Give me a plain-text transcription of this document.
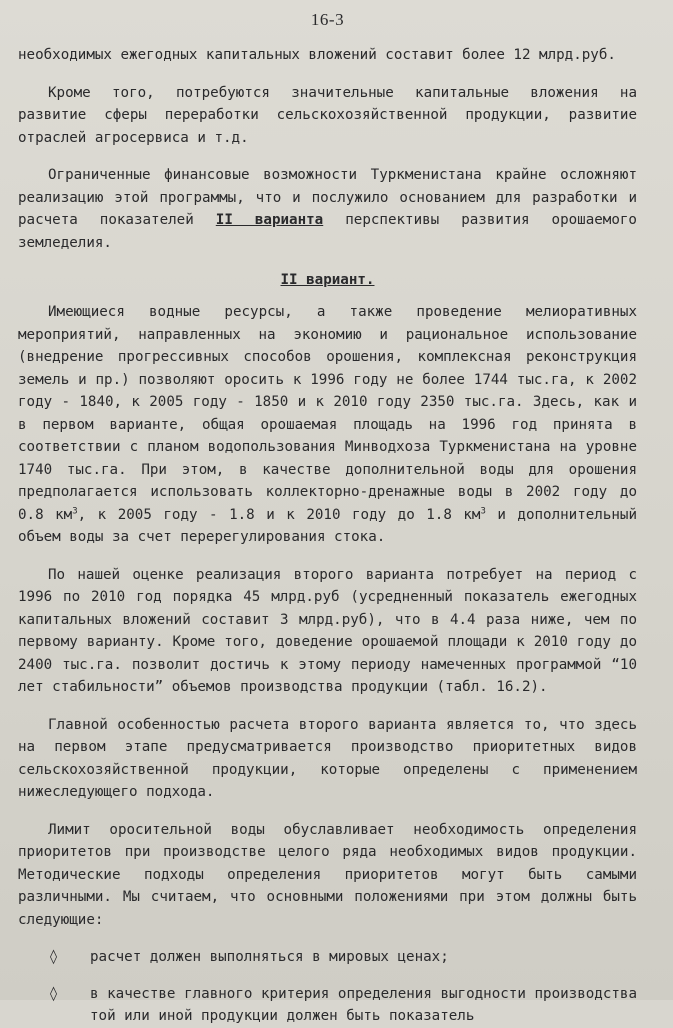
16-3

необходимых ежегодных капитальных вложений составит более 12 млрд.руб.

Кроме того, потребуются значительные капитальные вложения на развитие сферы переработки сельскохозяйственной продукции, развитие отраслей агросервиса и т.д.

Ограниченные финансовые возможности Туркменистана крайне осложняют реализацию этой программы, что и послужило основанием для разработки и расчета показателей II варианта перспективы развития орошаемого земледелия.

II вариант.

Имеющиеся водные ресурсы, а также проведение мелиоративных мероприятий, направленных на экономию и рациональное использование (внедрение прогрессивных способов орошения, комплексная реконструкция земель и пр.) позволяют оросить к 1996 году не более 1744 тыс.га, к 2002 году - 1840, к 2005 году - 1850 и к 2010 году 2350 тыс.га. Здесь, как и в первом варианте, общая орошаемая площадь на 1996 год принята в соответствии с планом водопользования Минводхоза Туркменистана на уровне 1740 тыс.га. При этом, в качестве дополнительной воды для орошения предполагается использовать коллекторно-дренажные воды в 2002 году до 0.8 $км^3$, к 2005 году - 1.8 и к 2010 году до 1.8 $км^3$ и дополнительный объем воды за счет перерегулирования стока.

По нашей оценке реализация второго варианта потребует на период с 1996 по 2010 год порядка 45 млрд.руб (усредненный показатель ежегодных капитальных вложений составит 3 млрд.руб), что в 4.4 раза ниже, чем по первому варианту. Кроме того, доведение орошаемой площади к 2010 году до 2400 тыс.га. позволит достичь к этому периоду намеченных программой “10 лет стабильности” объемов производства продукции (табл. 16.2).

Главной особенностью расчета второго варианта является то, что здесь на первом этапе предусматривается производство приоритетных видов сельскохозяйственной продукции, которые определены с применением нижеследующего подхода.

Лимит оросительной воды обуславливает необходимость определения приоритетов при производстве целого ряда необходимых видов продукции. Методические подходы определения приоритетов могут быть самыми различными. Мы считаем, что основными положениями при этом должны быть следующие:

◊ расчет должен выполняться в мировых ценах;
◊ в качестве главного критерия определения выгодности производства той или иной продукции должен быть показатель
